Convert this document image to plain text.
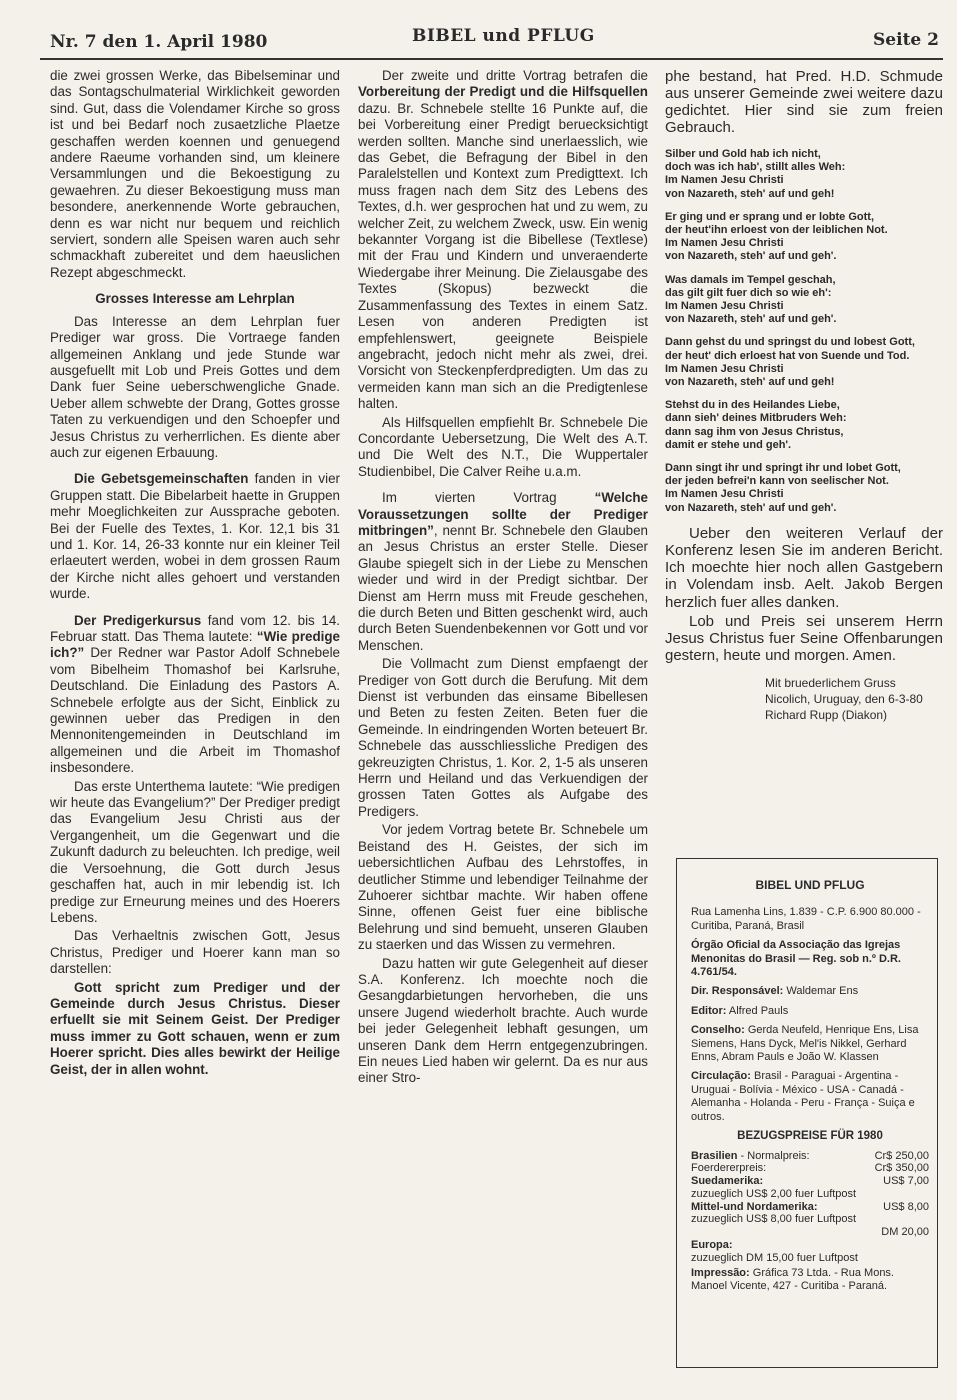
Nr. 7 den 1. April 1980	BIBEL und PFLUG	Seite 2

die zwei grossen Werke, das Bibelseminar und das Sontagschulmaterial Wirklichkeit geworden sind. Gut, dass die Volendamer Kirche so gross ist und bei Bedarf noch zusaetzliche Plaetze geschaffen werden koennen und genuegend andere Raeume vorhanden sind, um kleinere Versammlungen und die Bekoestigung zu gewaehren. Zu dieser Bekoestigung muss man besondere, anerkennende Worte gebrauchen, denn es war nicht nur bequem und reichlich serviert, sondern alle Speisen waren auch sehr schmackhaft zubereitet und dem haeuslichen Rezept abgeschmeckt.

Grosses Interesse am Lehrplan

Das Interesse an dem Lehrplan fuer Prediger war gross. Die Vortraege fanden allgemeinen Anklang und jede Stunde war ausgefuellt mit Lob und Preis Gottes und dem Dank fuer Seine ueberschwengliche Gnade. Ueber allem schwebte der Drang, Gottes grosse Taten zu verkuendigen und den Schoepfer und Jesus Christus zu verherrlichen. Es diente aber auch zur eigenen Erbauung.

Die Gebetsgemeinschaften fanden in vier Gruppen statt. Die Bibelarbeit haette in Gruppen mehr Moeglichkeiten zur Aussprache geboten. Bei der Fuelle des Textes, 1. Kor. 12,1 bis 31 und 1. Kor. 14, 26-33 konnte nur ein kleiner Teil erlaeutert werden, wobei in dem grossen Raum der Kirche nicht alles gehoert und verstanden wurde.

Der Predigerkursus fand vom 12. bis 14. Februar statt. Das Thema lautete: “Wie predige ich?” Der Redner war Pastor Adolf Schnebele vom Bibelheim Thomashof bei Karlsruhe, Deutschland. Die Einladung des Pastors A. Schnebele erfolgte aus der Sicht, Einblick zu gewinnen ueber das Predigen in den Mennonitengemeinden in Deutschland im allgemeinen und die Arbeit im Thomashof insbesondere.

Das erste Unterthema lautete: “Wie predigen wir heute das Evangelium?” Der Prediger predigt das Evangelium Jesu Christi aus der Vergangenheit, um die Gegenwart und die Zukunft dadurch zu beleuchten. Ich predige, weil die Versoehnung, die Gott durch Jesus geschaffen hat, auch in mir lebendig ist. Ich predige zur Erneurung meines und des Hoerers Lebens.

Das Verhaeltnis zwischen Gott, Jesus Christus, Prediger und Hoerer kann man so darstellen:

Gott spricht zum Prediger und der Gemeinde durch Jesus Christus. Dieser erfuellt sie mit Seinem Geist. Der Prediger muss immer zu Gott schauen, wenn er zum Hoerer spricht. Dies alles bewirkt der Heilige Geist, der in allen wohnt.

Der zweite und dritte Vortrag betrafen die Vorbereitung der Predigt und die Hilfsquellen dazu. Br. Schnebele stellte 16 Punkte auf, die bei Vorbereitung einer Predigt beruecksichtigt werden sollten. Manche sind unerlaesslich, wie das Gebet, die Befragung der Bibel in den Paralelstellen und Kontext zum Predigttext. Ich muss fragen nach dem Sitz des Lebens des Textes, d.h. wer gesprochen hat und zu wem, zu welcher Zeit, zu welchem Zweck, usw. Ein wenig bekannter Vorgang ist die Bibellese (Textlese) mit der Frau und Kindern und unveraenderte Wiedergabe ihrer Meinung. Die Zielausgabe des Textes (Skopus) bezweckt die Zusammenfassung des Textes in einem Satz. Lesen von anderen Predigten ist empfehlenswert, geeignete Beispiele angebracht, jedoch nicht mehr als zwei, drei. Vorsicht von Steckenpferdpredigten. Um das zu vermeiden kann man sich an die Predigtenlese halten.

Als Hilfsquellen empfiehlt Br. Schnebele Die Concordante Uebersetzung, Die Welt des A.T. und Die Welt des N.T., Die Wuppertaler Studienbibel, Die Calver Reihe u.a.m.

Im vierten Vortrag “Welche Voraussetzungen sollte der Prediger mitbringen”, nennt Br. Schnebele den Glauben an Jesus Christus an erster Stelle. Dieser Glaube spiegelt sich in der Liebe zu Menschen wieder und wird in der Predigt sichtbar. Der Dienst am Herrn muss mit Freude geschehen, die durch Beten und Bitten geschenkt wird, auch durch Beten Suendenbekennen vor Gott und vor Menschen.

Die Vollmacht zum Dienst empfaengt der Prediger von Gott durch die Berufung. Mit dem Dienst ist verbunden das einsame Bibellesen und Beten zu festen Zeiten. Beten fuer die Gemeinde. In eindringenden Worten beteuert Br. Schnebele das ausschliessliche Predigen des gekreuzigten Christus, 1. Kor. 2, 1-5 als unseren Herrn und Heiland und das Verkuendigen der grossen Taten Gottes als Aufgabe des Predigers.

Vor jedem Vortrag betete Br. Schnebele um Beistand des H. Geistes, der sich im uebersichtlichen Aufbau des Lehrstoffes, in deutlicher Stimme und lebendiger Teilnahme der Zuhoerer sichtbar machte. Wir haben offene Sinne, offenen Geist fuer eine biblische Belehrung und sind bemueht, unseren Glauben zu staerken und das Wissen zu vermehren.

Dazu hatten wir gute Gelegenheit auf dieser S.A. Konferenz. Ich moechte noch die Gesangdarbietungen hervorheben, die uns unsere Jugend wiederholt brachte. Auch wurde bei jeder Gelegenheit lebhaft gesungen, um unseren Dank dem Herrn entgegenzubringen. Ein neues Lied haben wir gelernt. Da es nur aus einer Stro-

phe bestand, hat Pred. H.D. Schmude aus unserer Gemeinde zwei weitere dazu gedichtet. Hier sind sie zum freien Gebrauch.

Silber und Gold hab ich nicht,
doch was ich hab', stillt alles Weh:
Im Namen Jesu Christi
von Nazareth, steh' auf und geh!
Er ging und er sprang und er lobte Gott,
der heut'ihn erloest von der leiblichen Not.
Im Namen Jesu Christi
von Nazareth, steh' auf und geh'.
Was damals im Tempel geschah,
das gilt gilt fuer dich so wie eh':
Im Namen Jesu Christi
von Nazareth, steh' auf und geh'.
Dann gehst du und springst du und lobest Gott,
der heut' dich erloest hat von Suende und Tod.
Im Namen Jesu Christi
von Nazareth, steh' auf und geh!
Stehst du in des Heilandes Liebe,
dann sieh' deines Mitbruders Weh:
dann sag ihm von Jesus Christus,
damit er stehe und geh'.
Dann singt ihr und springt ihr und lobet Gott,
der jeden befrei'n kann von seelischer Not.
Im Namen Jesu Christi
von Nazareth, steh' auf und geh'.

Ueber den weiteren Verlauf der Konferenz lesen Sie im anderen Bericht. Ich moechte hier noch allen Gastgebern in Volendam insb. Aelt. Jakob Bergen herzlich fuer alles danken.

Lob und Preis sei unserem Herrn Jesus Christus fuer Seine Offenbarungen gestern, heute und morgen. Amen.

Mit bruederlichem Gruss
Nicolich, Uruguay, den 6-3-80
Richard Rupp (Diakon)
BIBEL UND PFLUG
Rua Lamenha Lins, 1.839 - C.P. 6.900 80.000 - Curitiba, Paraná, Brasil
Órgão Oficial da Associação das Igrejas Menonitas do Brasil — Reg. sob n.º D.R. 4.761/54.
Dir. Responsável: Waldemar Ens
Editor: Alfred Pauls
Conselho: Gerda Neufeld, Henrique Ens, Lisa Siemens, Hans Dyck, Mel'is Nikkel, Gerhard Enns, Abram Pauls e João W. Klassen
Circulação: Brasil - Paraguai - Argentina - Uruguai - Bolívia - México - USA - Canadá - Alemanha - Holanda - Peru - França - Suiça e outros.
BEZUGSPREISE FÜR 1980
Brasilien - Normalpreis:	Cr$ 250,00
Foerdererpreis:	Cr$ 350,00
Suedamerika:	US$ 7,00
zuzueglich US$ 2,00 fuer Luftpost	
Mittel-und Nordamerika:	US$ 8,00
zuzueglich US$ 8,00 fuer Luftpost	
	DM 20,00
Europa:	
zuzueglich DM 15,00 fuer Luftpost	
Impressão: Gráfica 73 Ltda. - Rua Mons. Manoel Vicente, 427 - Curitiba - Paraná.
